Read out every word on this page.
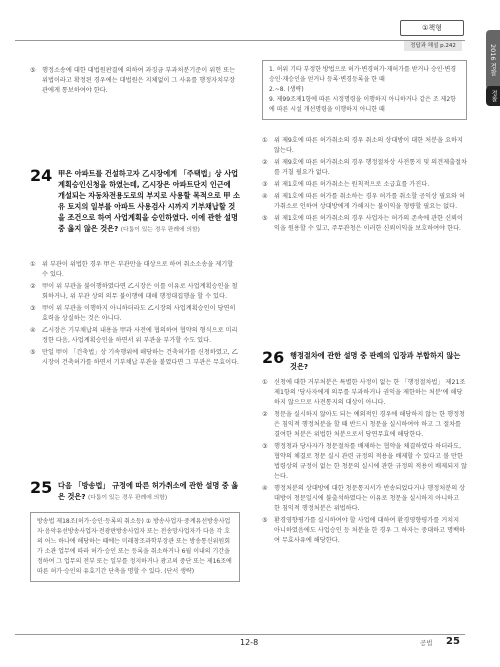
①책형
정답과 해설 p.242	2016 경찰
경찰
⑤	행정소송에 대한 대법원판결에 의하여 과징금 부과처분기준이 위헌 또는 위법이라고 확정된 경우에는 대법원은 지체없이 그 사유를 행정자치부장관에게 통보하여야 한다.
24 甲은 아파트를 건설하고자 乙시장에게 「주택법」상 사업계획승인신청을 하였는데, 乙시장은 아파트단지 인근에 개설되는 자동차전용도로의 부지로 사용할 목적으로 甲 소유 토지의 일부를 아파트 사용검사 시까지 기부채납할 것을 조건으로 하여 사업계획을 승인하였다. 이에 관한 설명 중 옳지 않은 것은? (다툼이 있는 경우 판례에 의함)
①	위 부관이 위법한 경우 甲은 부관만을 대상으로 하여 취소소송을 제기할 수 있다.
②	甲이 위 부관을 불이행하였다면 乙시장은 이를 이유로 사업계획승인을 철회하거나, 위 부관 상의 의무 불이행에 대해 행정대집행을 할 수 있다.
③	甲이 위 부관을 이행하지 아니하더라도 乙시장의 사업계획승인이 당연히 효력을 상실하는 것은 아니다.
④	乙시장은 기부채납의 내용을 甲과 사전에 협의하여 협약의 형식으로 미리 정한 다음, 사업계획승인을 하면서 위 부관을 부가할 수도 있다.
⑤	만일 甲이 「건축법」상 기속행위에 해당하는 건축허가를 신청하였고, 乙시장이 건축허가를 하면서 기부채납 부관을 붙였다면 그 부관은 무효이다.
25 다음 「방송법」 규정에 따른 허가취소에 관한 설명 중 옳은 것은? (다툼이 있는 경우 판례에 의함)
방송법 제18조(허가·승인·등록의 취소등) ① 방송사업자·중계유선방송사업자·음악유선방송사업자·전광판방송사업자 또는 전송망사업자가 다음 각 호의 어느 하나에 해당하는 때에는 미래창조과학부장관 또는 방송통신위원회가 소관 업무에 따라 허가·승인 또는 등록을 취소하거나 6월 이내의 기간을 정하여 그 업무의 전부 또는 일부를 정지하거나 광고의 중단 또는 제16조에 따른 허가·승인의 유효기간 단축을 명할 수 있다. (단서 생략)
1. 허위 기타 부정한 방법으로 허가·변경허가·재허가를 받거나 승인·변경승인·재승인을 얻거나 등록·변경등록을 한 때
2.~8. (생략)
9. 제99조제1항에 따른 시정명령을 이행하지 아니하거나 같은 조 제2항에 따른 시설 개선명령을 이행하지 아니한 때
①	위 제9호에 따른 허가취소의 경우 취소의 상대방이 대한 처분을 요하지 않는다.
②	위 제9호에 따른 허가취소의 경우 행정절차상 사전통지 및 의견제출절차를 거칠 필요가 없다.
③	위 제1호에 따른 허가취소는 원칙적으로 소급효를 가진다.
④	위 제1호에 따른 허가를 취소하는 경우 허가를 취소할 공익상 필요와 허가취소로 인하여 상대방에게 가해지는 불이익을 형량할 필요는 없다.
⑤	위 제1호에 따른 허가취소의 경우 사업자는 허가의 존속에 관한 신뢰이익을 원용할 수 있고, 주무관청은 이러한 신뢰이익을 보호하여야 한다.
26 행정절차에 관한 설명 중 판례의 입장과 부합하지 않는 것은?
①	신청에 대한 거부처분은 특별한 사정이 없는 한 「행정절차법」 제21조 제1항의 '당사자에게 의무를 부과하거나 권익을 제한하는 처분'에 해당하지 않으므로 사전통지의 대상이 아니다.
②	청문을 실시하지 않아도 되는 예외적인 경우에 해당하지 않는 한 행정청은 침익적 행정처분을 할 때 반드시 청문을 실시하여야 하고 그 절차를 결여한 처분은 위법한 처분으로서 당연무효에 해당한다.
③	행정청과 당사자가 청문절차를 배제하는 협약을 체결하였다 하더라도, 협약의 체결로 청문 실시 관련 규정의 적용을 배제할 수 있다고 볼 만한 법령상의 규정이 없는 한 청문의 실시에 관한 규정의 적용이 배제되지 않는다.
④	행정처분의 상대방에 대한 청문통지서가 반송되었다거나 행정처분의 상대방이 청문일시에 불출석하였다는 이유로 청문을 실시하지 아니하고 한 침익적 행정처분은 위법하다.
⑤	환경영향평가를 실시하여야 할 사업에 대하여 환경영향평가를 거치지 아니하였음에도 사업승인 등 처분을 한 경우 그 하자는 중대하고 명백하여 무효사유에 해당한다.
12-8	공법 25
